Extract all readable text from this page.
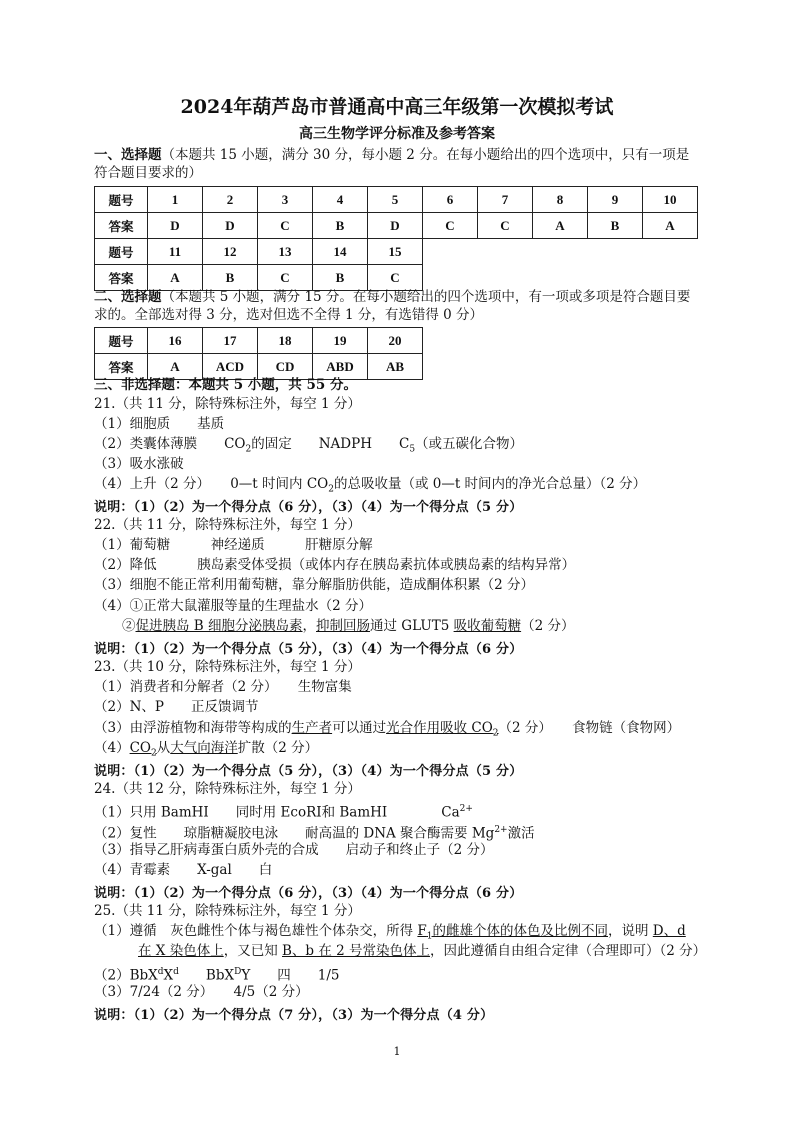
2024年葫芦岛市普通高中高三年级第一次模拟考试
高三生物学评分标准及参考答案
一、选择题（本题共 15 小题，满分 30 分，每小题 2 分。在每小题给出的四个选项中，只有一项是
符合题目要求的）
题号	1	2	3	4	5	6	7	8	9	10
答案	D	D	C	B	D	C	C	A	B	A
题号	11	12	13	14	15					
答案	A	B	C	B	C					
二、选择题（本题共 5 小题，满分 15 分。在每小题给出的四个选项中，有一项或多项是符合题目要
求的。全部选对得 3 分，选对但选不全得 1 分，有选错得 0 分）
题号	16	17	18	19	20
答案	A	ACD	CD	ABD	AB
三、非选择题：本题共 5 小题，共 55 分。
21.（共 11 分，除特殊标注外，每空 1 分）
（1）细胞质　　基质
（2）类囊体薄膜　　$CO_2$的固定　　NADPH　　$C_5$（或五碳化合物）
（3）吸水涨破
（4）上升（2 分）　　0—t 时间内 $CO_2$的总吸收量（或 0—t 时间内的净光合总量）（2 分）
说明：（1）（2）为一个得分点（6 分），（3）（4）为一个得分点（5 分）
22.（共 11 分，除特殊标注外，每空 1 分）
（1）葡萄糖　　　神经递质　　　肝糖原分解
（2）降低　　　胰岛素受体受损（或体内存在胰岛素抗体或胰岛素的结构异常）
（3）细胞不能正常利用葡萄糖，靠分解脂肪供能，造成酮体积累（2 分）
（4）①正常大鼠灌服等量的生理盐水（2 分）
②促进胰岛 B 细胞分泌胰岛素，抑制回肠通过 GLUT5 吸收葡萄糖（2 分）
说明：（1）（2）为一个得分点（5 分），（3）（4）为一个得分点（6 分）
23.（共 10 分，除特殊标注外，每空 1 分）
（1）消费者和分解者（2 分）　　生物富集
（2）N、P　　正反馈调节
（3）由浮游植物和海带等构成的生产者可以通过光合作用吸收 $CO_2(2$ 分）　　食物链（食物网）
$(4)CO_2$从大气向海洋扩散（2 分）
说明：（1）（2）为一个得分点（5 分），（3）（4）为一个得分点（5 分）
24.（共 12 分，除特殊标注外，每空 1 分）
（1）只用 BamHI　　同时用 EcoRI和 BamHI　　　　$Ca^{2+}$
（2）复性　　琼脂糖凝胶电泳　　耐高温的 DNA 聚合酶需要 $Mg^{2+}$激活
（3）指导乙肝病毒蛋白质外壳的合成　　启动子和终止子（2 分）
（4）青霉素　　X-gal　　白
说明：（1）（2）为一个得分点（6 分），（3）（4）为一个得分点（6 分）
25.（共 11 分，除特殊标注外，每空 1 分）
（1）遵循　灰色雌性个体与褐色雄性个体杂交，所得 $F_1$的雌雄个体的体色及比例不同，说明 D、d
在 X 染色体上，又已知 B、b 在 2 号常染色体上，因此遵循自由组合定律（合理即可）（2 分）
$(2)BbX^dX^d$　　BbX$^D$Y　　四　　1/5
（3）7/24（2 分）　　4/5（2 分）
说明：（1）（2）为一个得分点（7 分），（3）为一个得分点（4 分）
1
